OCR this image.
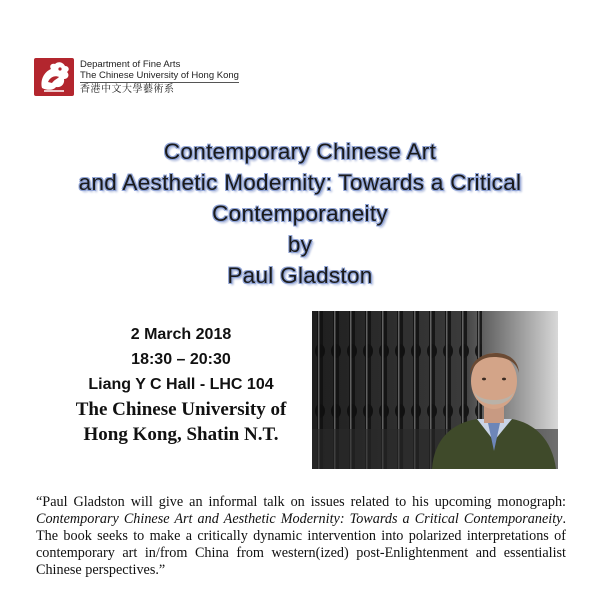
Department of Fine Arts
The Chinese University of Hong Kong
香港中文大學藝術系
Contemporary Chinese Art
and Aesthetic Modernity: Towards a Critical
Contemporaneity
by
Paul Gladston
2 March 2018
18:30 – 20:30
Liang Y C Hall - LHC 104
The Chinese University of
Hong Kong, Shatin N.T.
“Paul Gladston will give an informal talk on issues related to his upcoming monograph: Contemporary Chinese Art and Aesthetic Modernity: Towards a Critical Contemporaneity. The book seeks to make a critically dynamic intervention into polarized interpretations of contemporary art in/from China from western(ized) post-Enlightenment and essentialist Chinese perspectives.”
